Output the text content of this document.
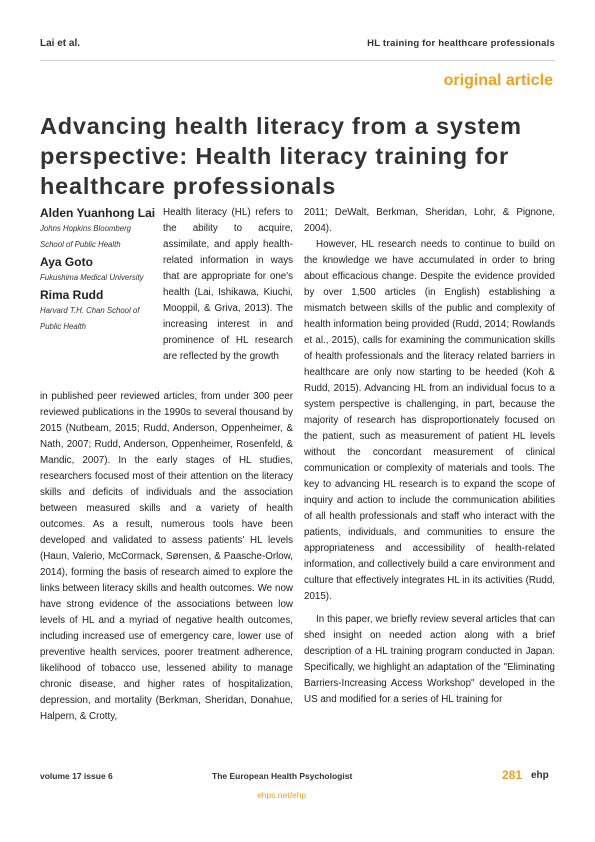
Lai et al.	HL training for healthcare professionals
original article
Advancing health literacy from a system perspective: Health literacy training for healthcare professionals
Alden Yuanhong Lai
Johns Hopkins Bloomberg School of Public Health
Aya Goto
Fukushima Medical University
Rima Rudd
Harvard T.H. Chan School of Public Health

Health literacy (HL) refers to the ability to acquire, assimilate, and apply health-related information in ways that are appropriate for one's health (Lai, Ishikawa, Kiuchi, Mooppil, & Griva, 2013). The increasing interest in and prominence of HL research are reflected by the growth

in published peer reviewed articles, from under 300 peer reviewed publications in the 1990s to several thousand by 2015 (Nutbeam, 2015; Rudd, Anderson, Oppenheimer, & Nath, 2007; Rudd, Anderson, Oppenheimer, Rosenfeld, & Mandic, 2007). In the early stages of HL studies, researchers focused most of their attention on the literacy skills and deficits of individuals and the association between measured skills and a variety of health outcomes. As a result, numerous tools have been developed and validated to assess patients' HL levels (Haun, Valerio, McCormack, Sørensen, & Paasche-Orlow, 2014), forming the basis of research aimed to explore the links between literacy skills and health outcomes. We now have strong evidence of the associations between low levels of HL and a myriad of negative health outcomes, including increased use of emergency care, lower use of preventive health services, poorer treatment adherence, likelihood of tobacco use, lessened ability to manage chronic disease, and higher rates of hospitalization, depression, and mortality (Berkman, Sheridan, Donahue, Halpern, & Crotty,

2011; DeWalt, Berkman, Sheridan, Lohr, & Pignone, 2004).

However, HL research needs to continue to build on the knowledge we have accumulated in order to bring about efficacious change. Despite the evidence provided by over 1,500 articles (in English) establishing a mismatch between skills of the public and complexity of health information being provided (Rudd, 2014; Rowlands et al., 2015), calls for examining the communication skills of health professionals and the literacy related barriers in healthcare are only now starting to be heeded (Koh & Rudd, 2015). Advancing HL from an individual focus to a system perspective is challenging, in part, because the majority of research has disproportionately focused on the patient, such as measurement of patient HL levels without the concordant measurement of clinical communication or complexity of materials and tools. The key to advancing HL research is to expand the scope of inquiry and action to include the communication abilities of all health professionals and staff who interact with the patients, individuals, and communities to ensure the appropriateness and accessibility of health-related information, and collectively build a care environment and culture that effectively integrates HL in its activities (Rudd, 2015).

In this paper, we briefly review several articles that can shed insight on needed action along with a brief description of a HL training program conducted in Japan. Specifically, we highlight an adaptation of the "Eliminating Barriers-Increasing Access Workshop" developed in the US and modified for a series of HL training for

volume 17 issue 6	The European Health Psychologist	281 ehp
ehps.net/ehp
